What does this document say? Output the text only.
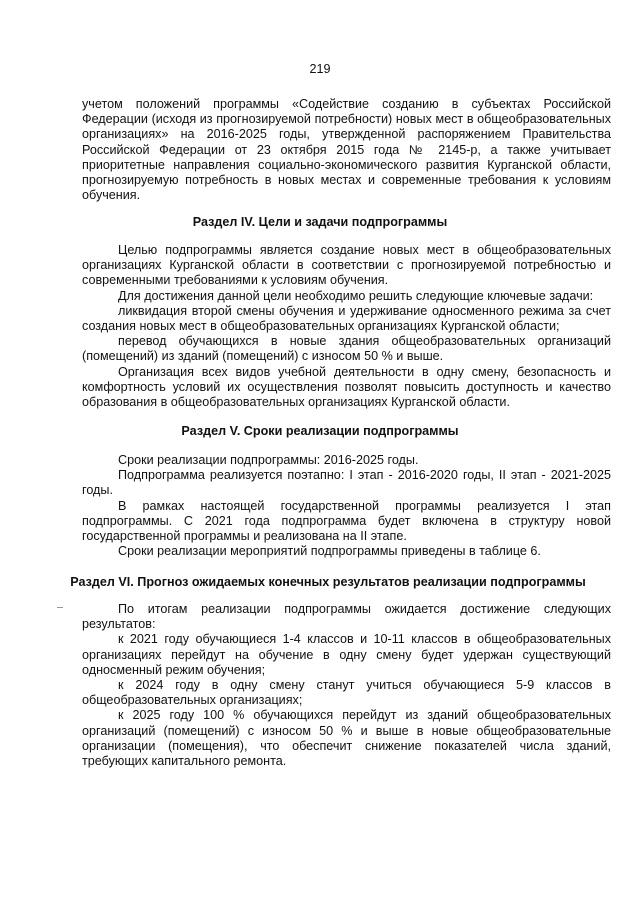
219

учетом положений программы «Содействие созданию в субъектах Российской Федерации (исходя из прогнозируемой потребности) новых мест в общеобразовательных организациях» на 2016-2025 годы, утвержденной распоряжением Правительства Российской Федерации от 23 октября 2015 года № 2145-р, а также учитывает приоритетные направления социально-экономического развития Курганской области, прогнозируемую потребность в новых местах и современные требования к условиям обучения.

Раздел IV. Цели и задачи подпрограммы

Целью подпрограммы является создание новых мест в общеобразовательных организациях Курганской области в соответствии с прогнозируемой потребностью и современными требованиями к условиям обучения.

Для достижения данной цели необходимо решить следующие ключевые задачи:

ликвидация второй смены обучения и удерживание односменного режима за счет создания новых мест в общеобразовательных организациях Курганской области;

перевод обучающихся в новые здания общеобразовательных организаций (помещений) из зданий (помещений) с износом 50 % и выше.

Организация всех видов учебной деятельности в одну смену, безопасность и комфортность условий их осуществления позволят повысить доступность и качество образования в общеобразовательных организациях Курганской области.

Раздел V. Сроки реализации подпрограммы

Сроки реализации подпрограммы: 2016-2025 годы.

Подпрограмма реализуется поэтапно: I этап - 2016-2020 годы, II этап - 2021-2025 годы.

В рамках настоящей государственной программы реализуется I этап подпрограммы. С 2021 года подпрограмма будет включена в структуру новой государственной программы и реализована на II этапе.

Сроки реализации мероприятий подпрограммы приведены в таблице 6.

Раздел VI. Прогноз ожидаемых конечных результатов реализации подпрограммы

По итогам реализации подпрограммы ожидается достижение следующих результатов:

к 2021 году обучающиеся 1-4 классов и 10-11 классов в общеобразовательных организациях перейдут на обучение в одну смену будет удержан существующий односменный режим обучения;

к 2024 году в одну смену станут учиться обучающиеся 5-9 классов в общеобразовательных организациях;

к 2025 году 100 % обучающихся перейдут из зданий общеобразовательных организаций (помещений) с износом 50 % и выше в новые общеобразовательные организации (помещения), что обеспечит снижение показателей числа зданий, требующих капитального ремонта.
